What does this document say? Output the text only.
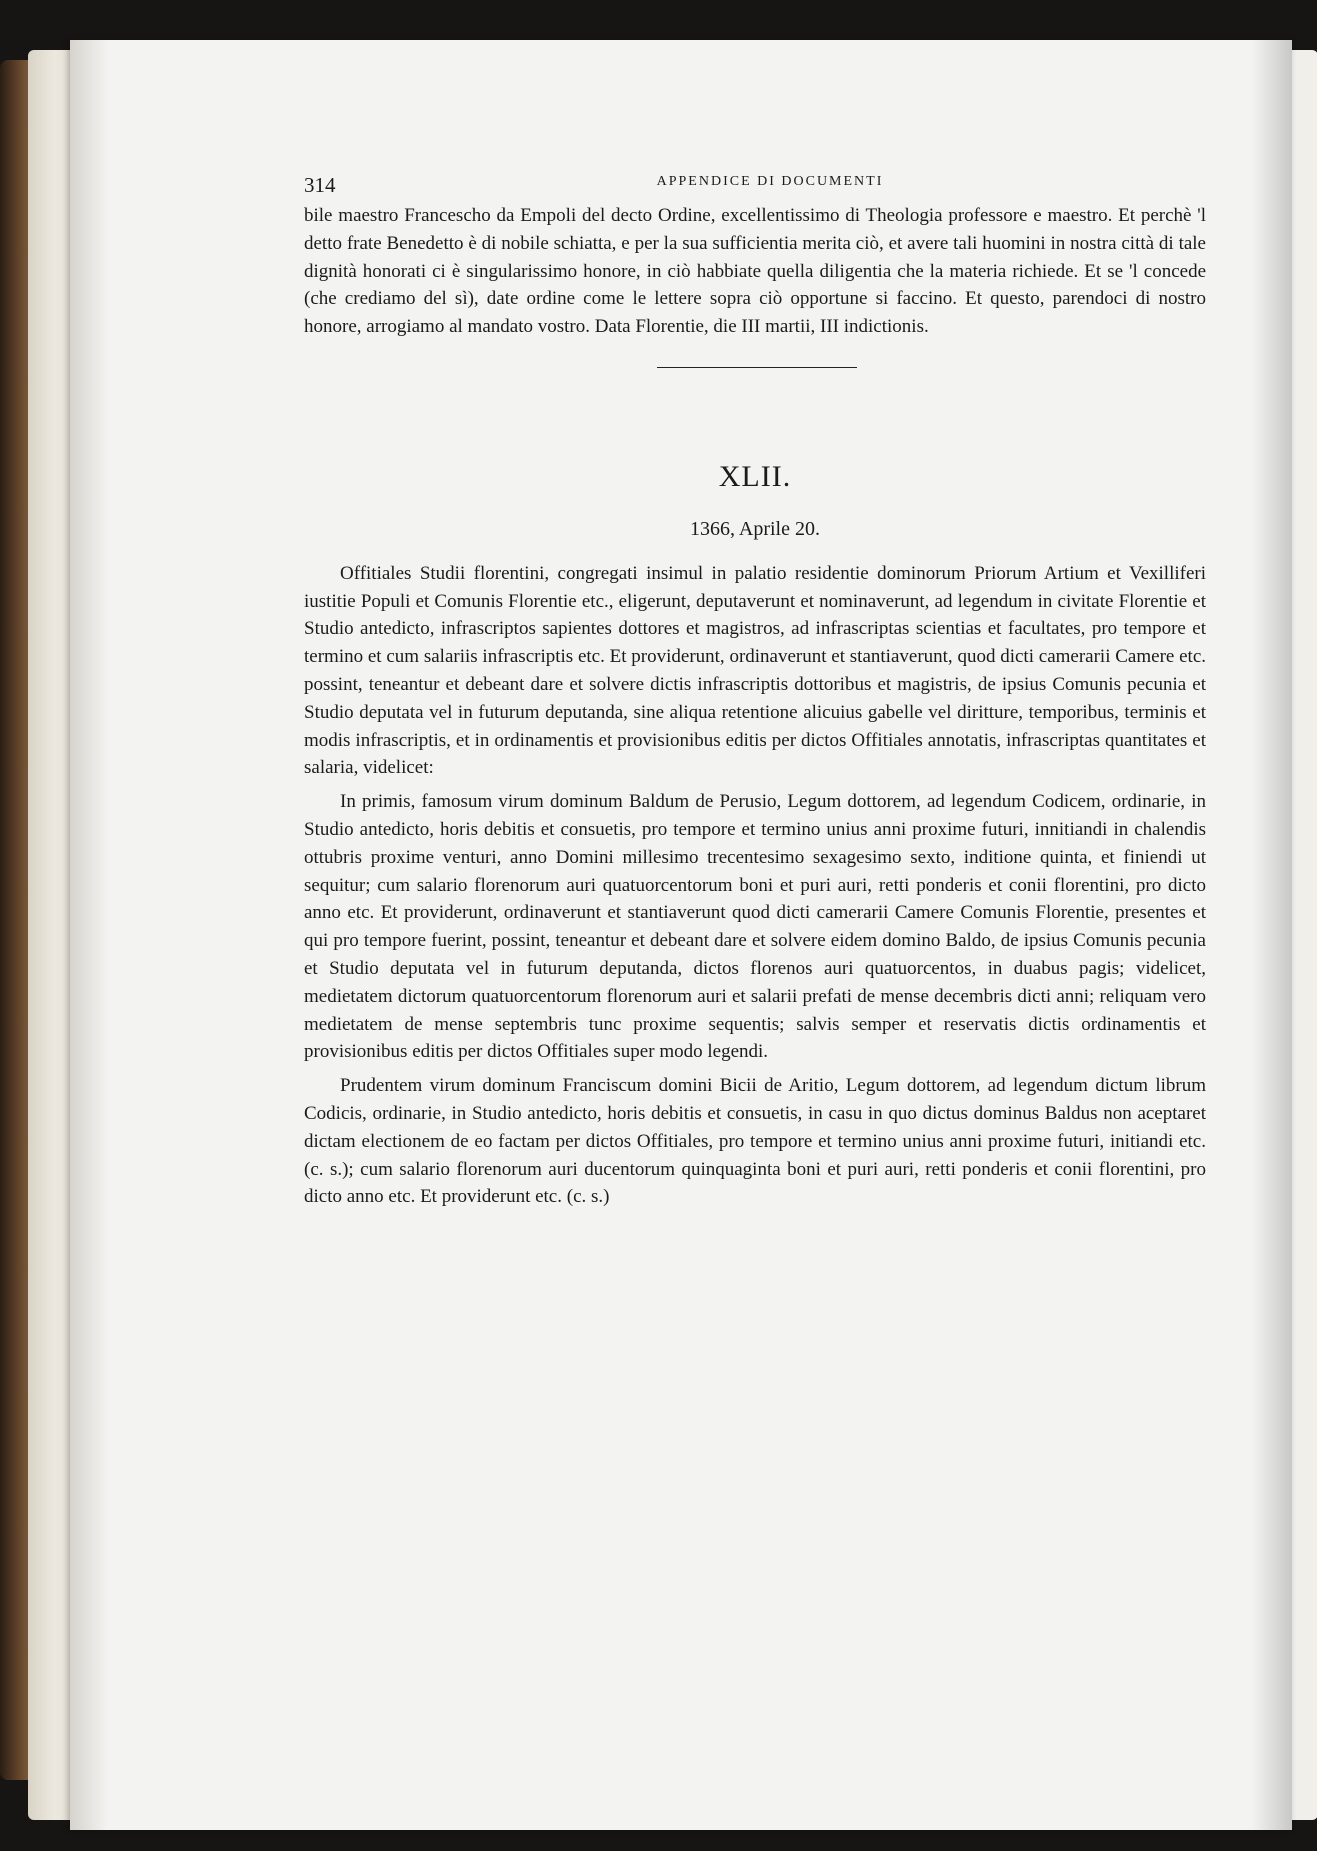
314	APPENDICE DI DOCUMENTI

bile maestro Francescho da Empoli del decto Ordine, excellentissimo di Theologia professore e maestro. Et perchè 'l detto frate Benedetto è di nobile schiatta, e per la sua sufficientia merita ciò, et avere tali huomini in nostra città di tale dignità honorati ci è singularissimo honore, in ciò habbiate quella diligentia che la materia richiede. Et se 'l concede (che crediamo del sì), date ordine come le lettere sopra ciò opportune si faccino. Et questo, parendoci di nostro honore, arrogiamo al mandato vostro. Data Florentie, die III martii, III indictionis.

XLII.
1366, Aprile 20.

Offitiales Studii florentini, congregati insimul in palatio residentie dominorum Priorum Artium et Vexilliferi iustitie Populi et Comunis Florentie etc., eligerunt, deputaverunt et nominaverunt, ad legendum in civitate Florentie et Studio antedicto, infrascriptos sapientes dottores et magistros, ad infrascriptas scientias et facultates, pro tempore et termino et cum salariis infrascriptis etc. Et providerunt, ordinaverunt et stantiaverunt, quod dicti camerarii Camere etc. possint, teneantur et debeant dare et solvere dictis infrascriptis dottoribus et magistris, de ipsius Comunis pecunia et Studio deputata vel in futurum deputanda, sine aliqua retentione alicuius gabelle vel diritture, temporibus, terminis et modis infrascriptis, et in ordinamentis et provisionibus editis per dictos Offitiales annotatis, infrascriptas quantitates et salaria, videlicet:

In primis, famosum virum dominum Baldum de Perusio, Legum dottorem, ad legendum Codicem, ordinarie, in Studio antedicto, horis debitis et consuetis, pro tempore et termino unius anni proxime futuri, innitiandi in chalendis ottubris proxime venturi, anno Domini millesimo trecentesimo sexagesimo sexto, inditione quinta, et finiendi ut sequitur; cum salario florenorum auri quatuorcentorum boni et puri auri, retti ponderis et conii florentini, pro dicto anno etc. Et providerunt, ordinaverunt et stantiaverunt quod dicti camerarii Camere Comunis Florentie, presentes et qui pro tempore fuerint, possint, teneantur et debeant dare et solvere eidem domino Baldo, de ipsius Comunis pecunia et Studio deputata vel in futurum deputanda, dictos florenos auri quatuorcentos, in duabus pagis; videlicet, medietatem dictorum quatuorcentorum florenorum auri et salarii prefati de mense decembris dicti anni; reliquam vero medietatem de mense septembris tunc proxime sequentis; salvis semper et reservatis dictis ordinamentis et provisionibus editis per dictos Offitiales super modo legendi.

Prudentem virum dominum Franciscum domini Bicii de Aritio, Legum dottorem, ad legendum dictum librum Codicis, ordinarie, in Studio antedicto, horis debitis et consuetis, in casu in quo dictus dominus Baldus non aceptaret dictam electionem de eo factam per dictos Offitiales, pro tempore et termino unius anni proxime futuri, initiandi etc. (c. s.); cum salario florenorum auri ducentorum quinquaginta boni et puri auri, retti ponderis et conii florentini, pro dicto anno etc. Et providerunt etc. (c. s.)
